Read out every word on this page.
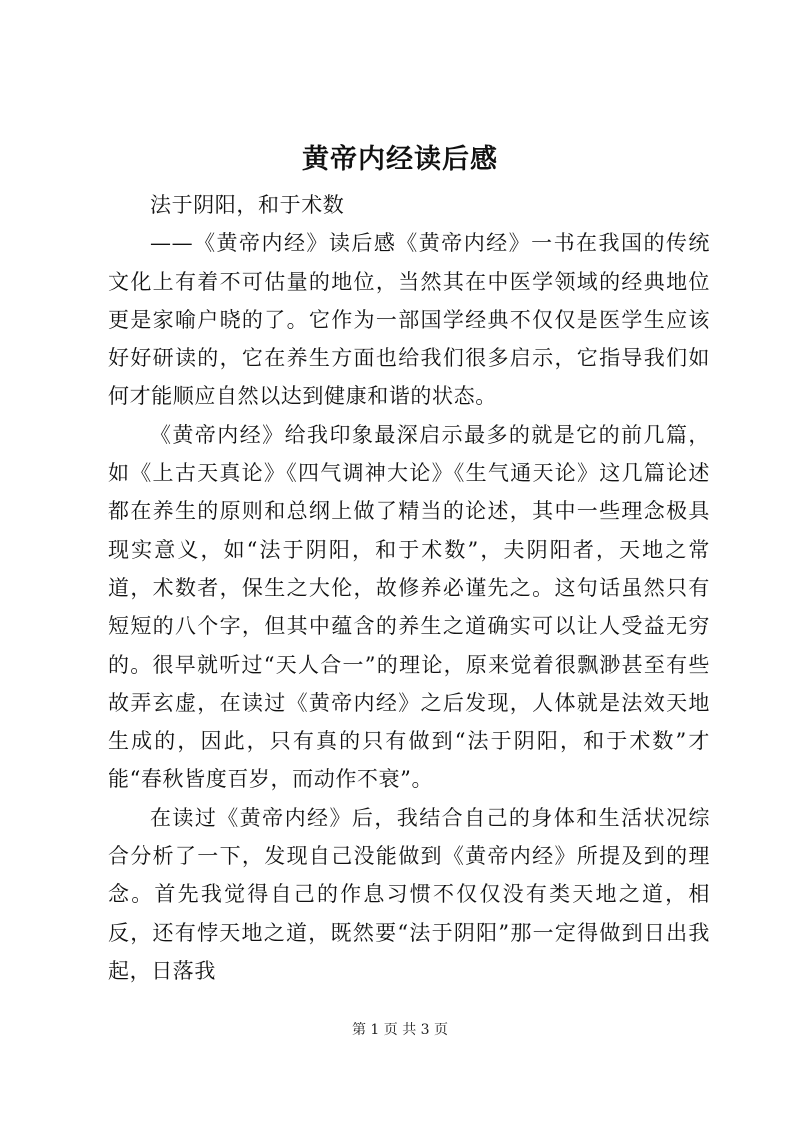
黄帝内经读后感

法于阴阳，和于术数

——《黄帝内经》读后感《黄帝内经》一书在我国的传统文化上有着不可估量的地位，当然其在中医学领域的经典地位更是家喻户晓的了。它作为一部国学经典不仅仅是医学生应该好好研读的，它在养生方面也给我们很多启示，它指导我们如何才能顺应自然以达到健康和谐的状态。

《黄帝内经》给我印象最深启示最多的就是它的前几篇，如《上古天真论》《四气调神大论》《生气通天论》这几篇论述都在养生的原则和总纲上做了精当的论述，其中一些理念极具现实意义，如“法于阴阳，和于术数”，夫阴阳者，天地之常道，术数者，保生之大伦，故修养必谨先之。这句话虽然只有短短的八个字，但其中蕴含的养生之道确实可以让人受益无穷的。很早就听过“天人合一”的理论，原来觉着很飘渺甚至有些故弄玄虚，在读过《黄帝内经》之后发现，人体就是法效天地生成的，因此，只有真的只有做到“法于阴阳，和于术数”才能“春秋皆度百岁，而动作不衰”。

在读过《黄帝内经》后，我结合自己的身体和生活状况综合分析了一下，发现自己没能做到《黄帝内经》所提及到的理念。首先我觉得自己的作息习惯不仅仅没有类天地之道，相反，还有悖天地之道，既然要“法于阴阳”那一定得做到日出我起，日落我

第 1 页 共 3 页
